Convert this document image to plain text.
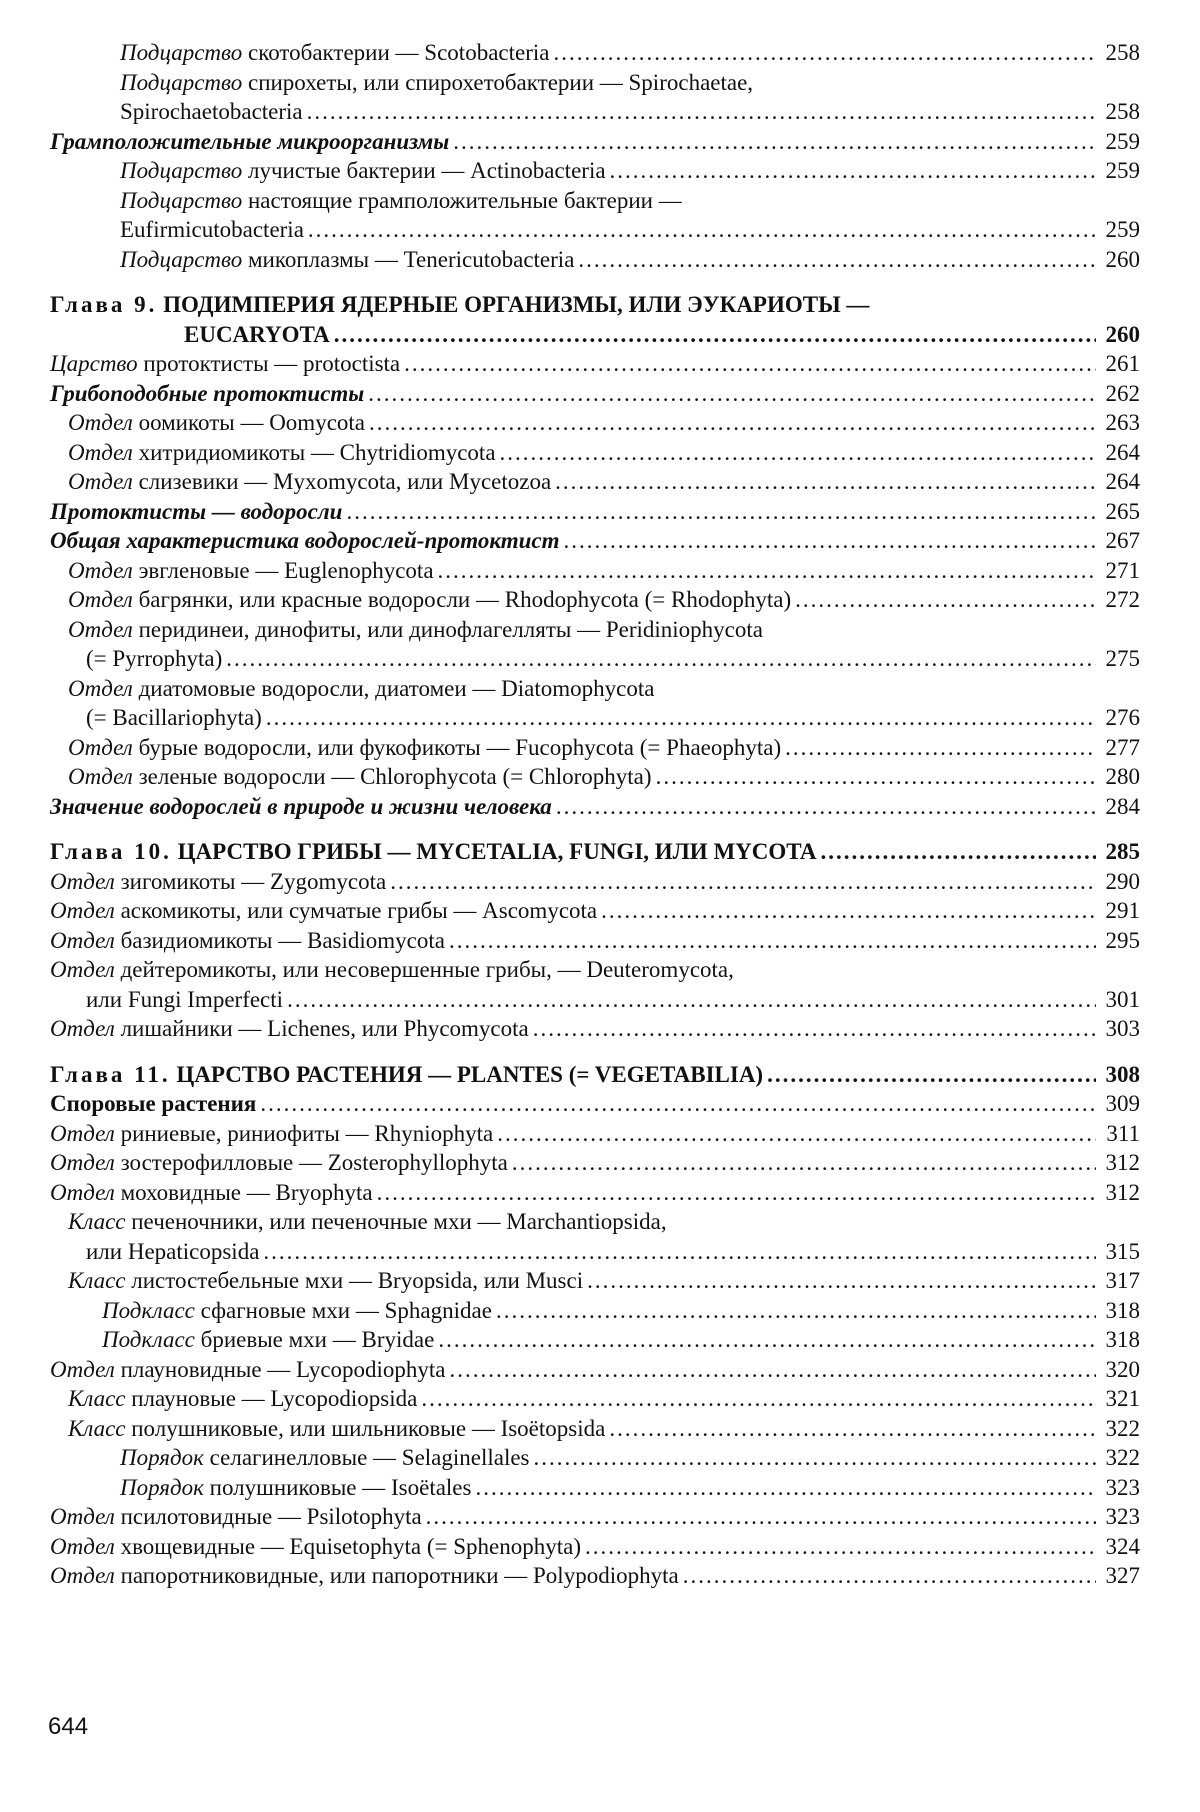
Подцарство скотобактерии — Scotobacteria .....	258
Подцарство спирохеты, или спирохетобактерии — Spirochaetae,
Spirochaetobacteria .....	258
Грамположительные микроорганизмы .....	259
Подцарство лучистые бактерии — Actinobacteria .....	259
Подцарство настоящие грамположительные бактерии —
Eufirmicutobacteria .....	259
Подцарство микоплазмы — Tenericutobacteria .....	260
Глава 9. ПОДИМПЕРИЯ ЯДЕРНЫЕ ОРГАНИЗМЫ, ИЛИ ЭУКАРИОТЫ —
EUCARYOTA .....	260
Царство протоктисты — protoctista .....	261
Грибоподобные протоктисты .....	262
Отдел оомикоты — Oomycota .....	263
Отдел хитридиомикоты — Chytridiomycota .....	264
Отдел слизевики — Myxomycota, или Mycetozoa .....	264
Протоктисты — водоросли .....	265
Общая характеристика водорослей-протоктист .....	267
Отдел эвгленовые — Euglenophycota .....	271
Отдел багрянки, или красные водоросли — Rhodophycota (= Rhodophyta) .....	272
Отдел перидинеи, динофиты, или динофлагелляты — Peridiniophycota
(= Pyrrophyta) .....	275
Отдел диатомовые водоросли, диатомеи — Diatomophycota
(= Bacillariophyta) .....	276
Отдел бурые водоросли, или фукофикоты — Fucophycota (= Phaeophyta) .....	277
Отдел зеленые водоросли — Chlorophycota (= Chlorophyta) .....	280
Значение водорослей в природе и жизни человека .....	284
Глава 10. ЦАРСТВО ГРИБЫ — MYCETALIA, FUNGI, ИЛИ MYCOTA .....	285
Отдел зигомикоты — Zygomycota .....	290
Отдел аскомикоты, или сумчатые грибы — Ascomycota .....	291
Отдел базидиомикоты — Basidiomycota .....	295
Отдел дейтеромикоты, или несовершенные грибы, — Deuteromycota,
или Fungi Imperfecti .....	301
Отдел лишайники — Lichenes, или Phycomycota .....	303
Глава 11. ЦАРСТВО РАСТЕНИЯ — PLANTES (= VEGETABILIA) .....	308
Споровые растения .....	309
Отдел риниевые, риниофиты — Rhyniophyta .....	311
Отдел зостерофилловые — Zosterophyllophyta .....	312
Отдел моховидные — Bryophyta .....	312
Класс печеночники, или печеночные мхи — Marchantiopsida,
или Hepaticopsida .....	315
Класс листостебельные мхи — Bryopsida, или Musci .....	317
Подкласс сфагновые мхи — Sphagnidae .....	318
Подкласс бриевые мхи — Bryidae .....	318
Отдел плауновидные — Lycopodiophyta .....	320
Класс плауновые — Lycopodiopsida .....	321
Класс полушниковые, или шильниковые — Isoëtopsida .....	322
Порядок селагинелловые — Selaginellales .....	322
Порядок полушниковые — Isoëtales .....	323
Отдел псилотовидные — Psilotophyta .....	323
Отдел хвощевидные — Equisetophyta (= Sphenophyta) .....	324
Отдел папоротниковидные, или папоротники — Polypodiophyta .....	327
644
